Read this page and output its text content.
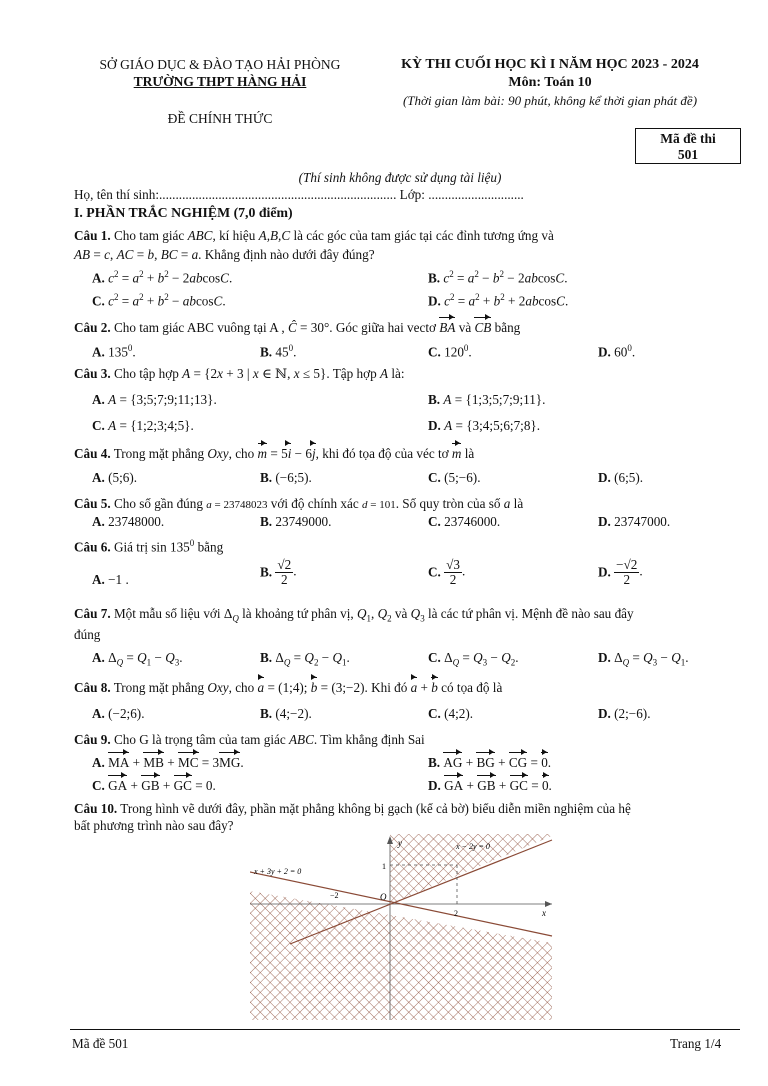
SỞ GIÁO DỤC & ĐÀO TẠO HẢI PHÒNG
TRƯỜNG THPT HÀNG HẢI
ĐỀ CHÍNH THỨC
KỲ THI CUỐI HỌC KÌ I NĂM HỌC 2023 - 2024
Môn: Toán 10
(Thời gian làm bài: 90 phút, không kể thời gian phát đề)
Mã đề thi
501
(Thí sinh không được sử dụng tài liệu)
Họ, tên thí sinh:........................................................................ Lớp: .............................
I. PHẦN TRẮC NGHIỆM (7,0 điểm)
Câu 1. Cho tam giác ABC, kí hiệu A,B,C là các góc của tam giác tại các đỉnh tương ứng và
AB = c, AC = b, BC = a. Khẳng định nào dưới đây đúng?
A. $c^2 = a^2 + b^2 - 2abcosC$.	B. $c^2 = a^2 - b^2 - 2abcosC$.
C. $c^2 = a^2 + b^2 - abcosC$.	D. $c^2 = a^2 + b^2 + 2abcosC$.
Câu 2. Cho tam giác ABC vuông tại A , Ĉ = 30°. Góc giữa hai vectơ BA và CB bằng
A. $135^0$.	B. $45^0$.	C. $120^0$.	D. $60^0$.
Câu 3. Cho tập hợp A = {2x + 3 | x ∈ ℕ, x ≤ 5}. Tập hợp A là:
A. A = {3;5;7;9;11;13}.	B. A = {1;3;5;7;9;11}.
C. A = {1;2;3;4;5}.	D. A = {3;4;5;6;7;8}.
Câu 4. Trong mặt phẳng Oxy, cho m = 5i − 6j, khi đó tọa độ của véc tơ m là
A. (5;6).	B. (−6;5).	C. (5;−6).	D. (6;5).
Câu 5. Cho số gần đúng a = 23748023 với độ chính xác d = 101. Số quy tròn của số a là
A. 23748000.	B. 23749000.	C. 23746000.	D. 23747000.
Câu 6. Giá trị $\sin 135^0$ bằng
A. −1 .
B. $\frac{√2}{2}$ .	C. $\frac{√3}{2}$ .	D. $\frac{-√2}{2}$ .
Câu 7. Một mẫu số liệu với $\Delta_Q$ là khoảng tứ phân vị, $Q_1$, $Q_2$ và $Q_3$ là các tứ phân vị. Mệnh đề nào sau đây
đúng
A. $\Delta_Q = Q_1 - Q_3$.	B. $\Delta_Q = Q_2 - Q_1$.	C. $\Delta_Q = Q_3 - Q_2$.	D. $\Delta_Q = Q_3 - Q_1$.
Câu 8. Trong mặt phẳng Oxy, cho a = (1;4); b = (3;−2). Khi đó a + b có tọa độ là
A. (−2;6).	B. (4;−2).	C. (4;2).	D. (2;−6).
Câu 9. Cho G là trọng tâm của tam giác ABC. Tìm khẳng định Sai
A. MA + MB + MC = 3MG.	B. AG + BG + CG = 0.
C. GA + GB + GC = 0.	D. GA + GB + GC = 0.
Câu 10. Trong hình vẽ dưới đây, phần mặt phẳng không bị gạch (kể cả bờ) biểu diễn miền nghiệm của hệ
bất phương trình nào sau đây?
x + 3y + 2 = 0
x − 2y = 0
y
x
O
−2
1
2
Mã đề 501	Trang 1/4
